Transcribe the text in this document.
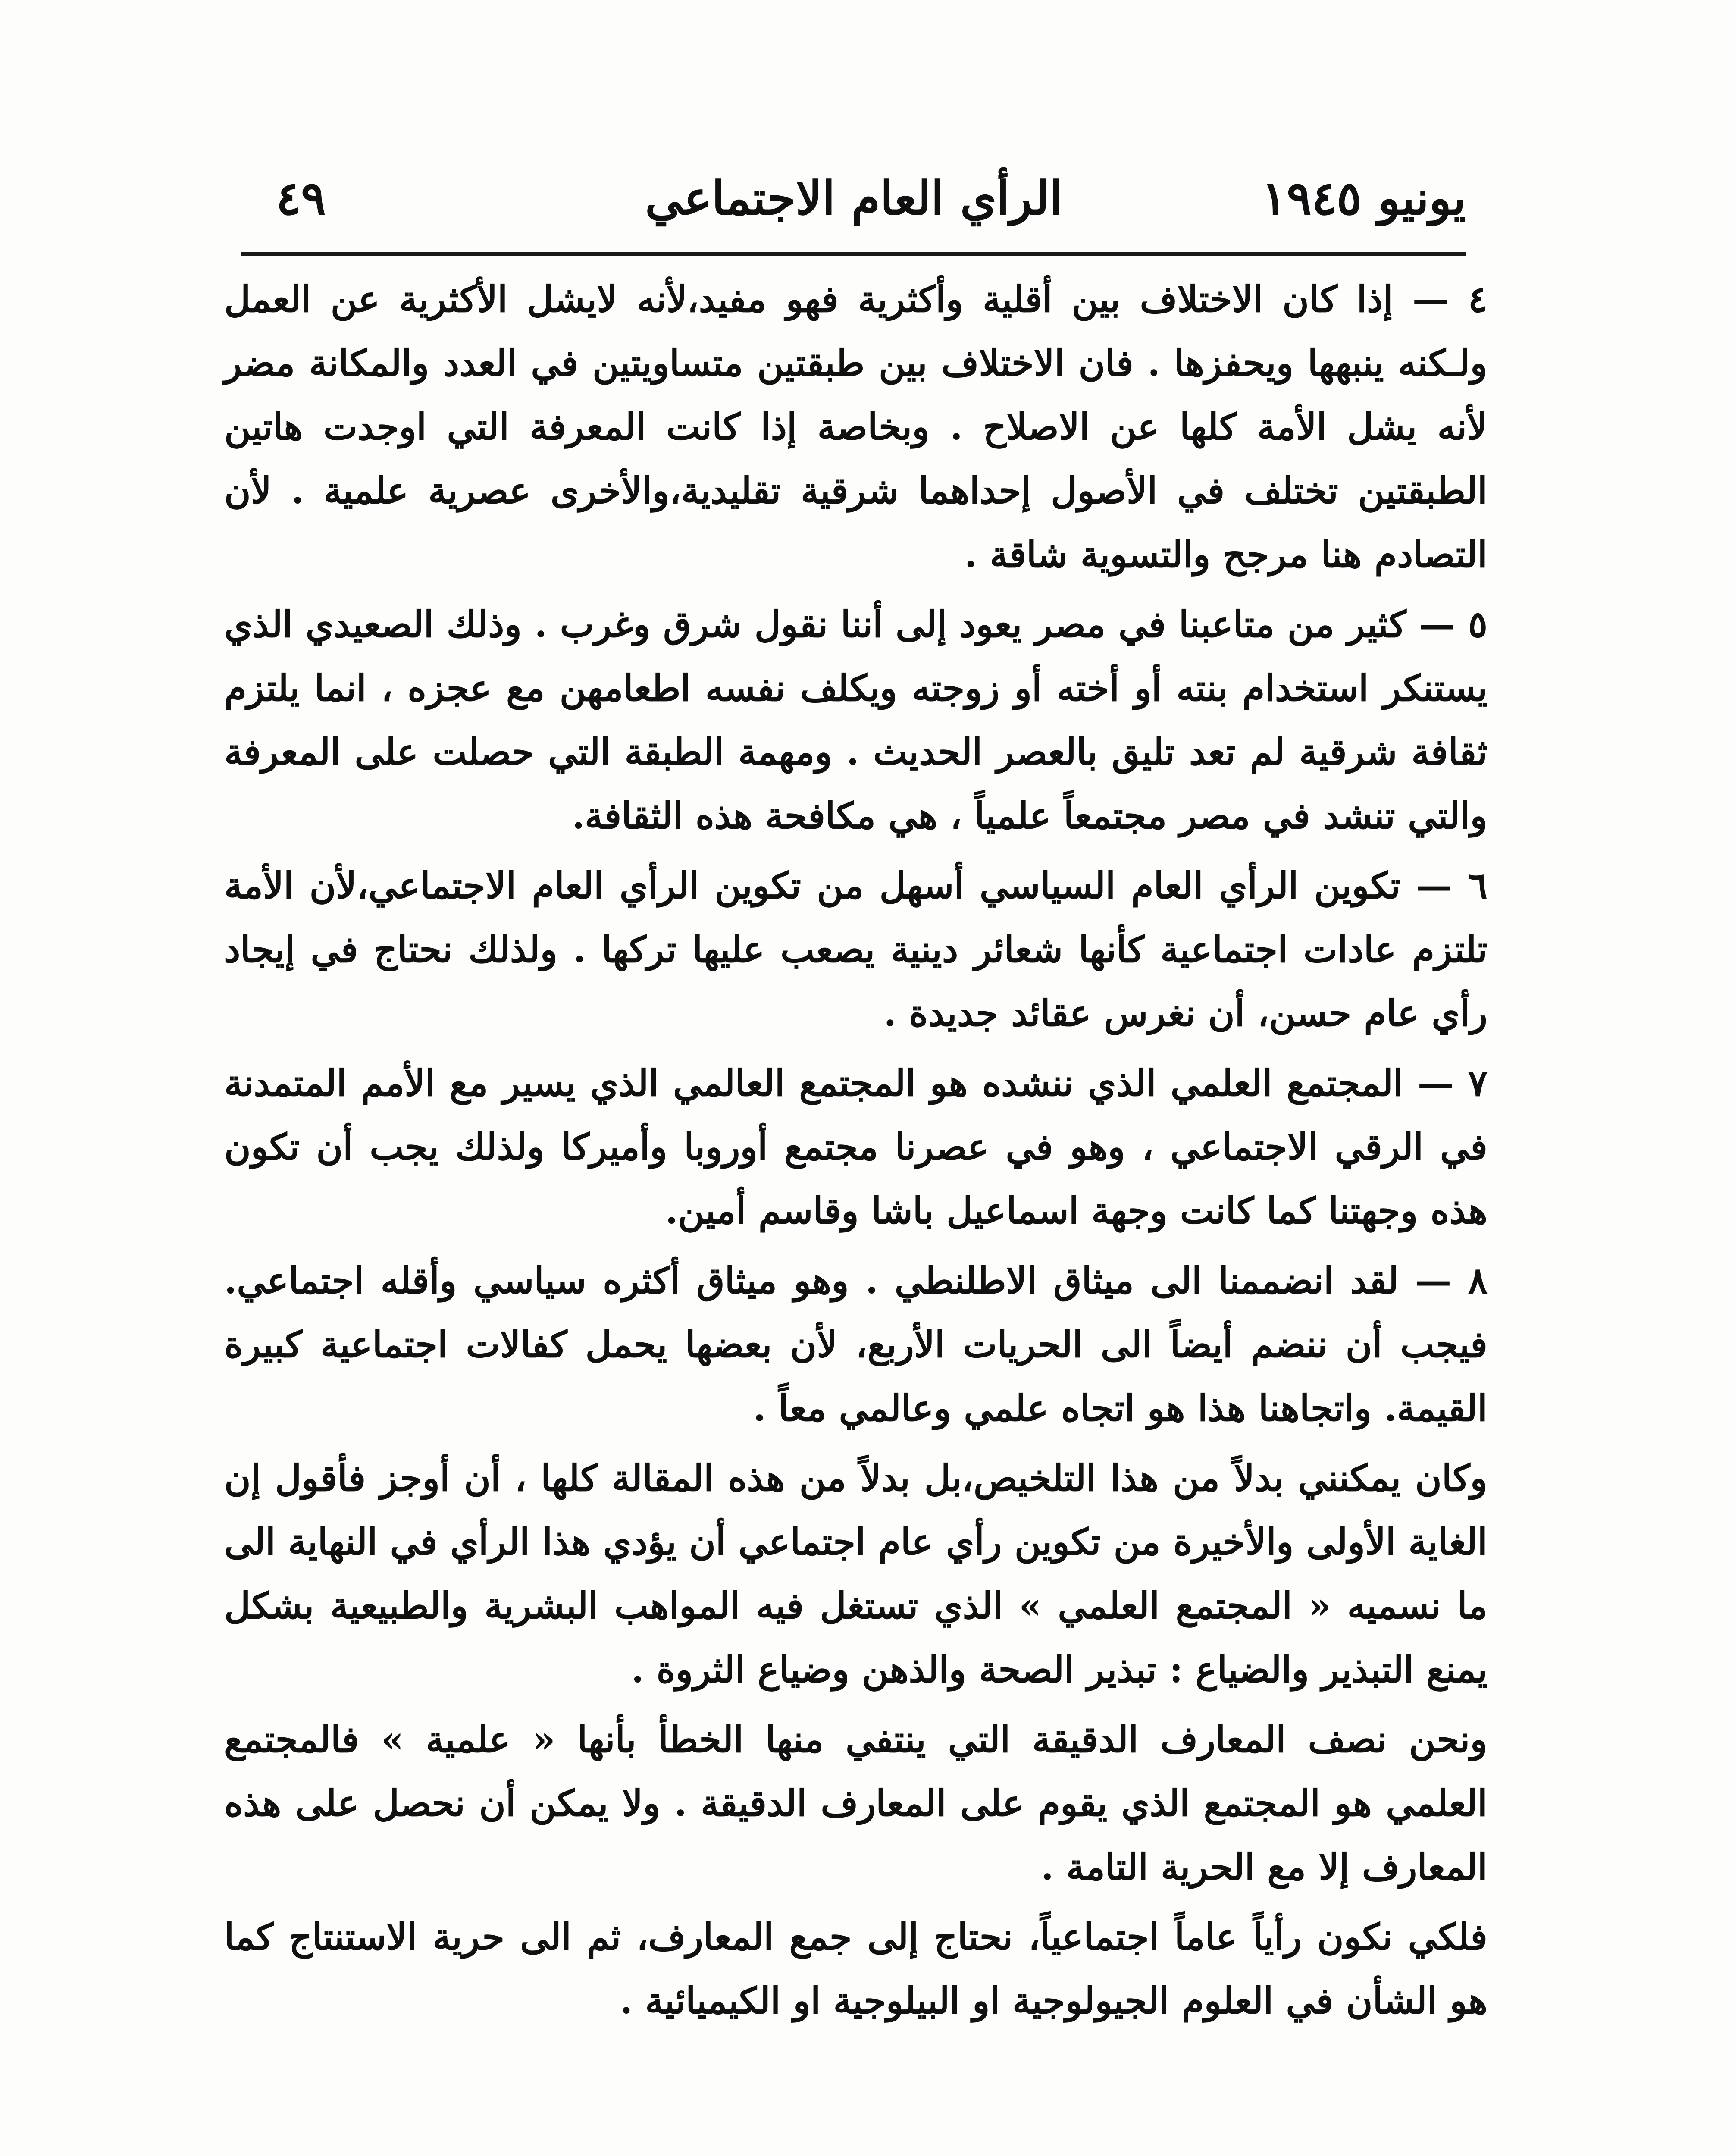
يونيو ١٩٤٥
الرأي العام الاجتماعي
٤٩

٤ — إذا كان الاختلاف بين أقلية وأكثرية فهو مفيد،لأنه لايشل الأكثرية عن العمل ولـكنه ينبهها ويحفزها . فان الاختلاف بين طبقتين متساويتين في العدد والمكانة مضر لأنه يشل الأمة كلها عن الاصلاح . وبخاصة إذا كانت المعرفة التي اوجدت هاتين الطبقتين تختلف في الأصول إحداهما شرقية تقليدية،والأخرى عصرية علمية . لأن التصادم هنا مرجح والتسوية شاقة .

٥ — كثير من متاعبنا في مصر يعود إلى أننا نقول شرق وغرب . وذلك الصعيدي الذي يستنكر استخدام بنته أو أخته أو زوجته ويكلف نفسه اطعامهن مع عجزه ، انما يلتزم ثقافة شرقية لم تعد تليق بالعصر الحديث . ومهمة الطبقة التي حصلت على المعرفة والتي تنشد في مصر مجتمعاً علمياً ، هي مكافحة هذه الثقافة.

٦ — تكوين الرأي العام السياسي أسهل من تكوين الرأي العام الاجتماعي،لأن الأمة تلتزم عادات اجتماعية كأنها شعائر دينية يصعب عليها تركها . ولذلك نحتاج في إيجاد رأي عام حسن، أن نغرس عقائد جديدة .

٧ — المجتمع العلمي الذي ننشده هو المجتمع العالمي الذي يسير مع الأمم المتمدنة في الرقي الاجتماعي ، وهو في عصرنا مجتمع أوروبا وأميركا ولذلك يجب أن تكون هذه وجهتنا كما كانت وجهة اسماعيل باشا وقاسم أمين.

٨ — لقد انضممنا الى ميثاق الاطلنطي . وهو ميثاق أكثره سياسي وأقله اجتماعي. فيجب أن ننضم أيضاً الى الحريات الأربع، لأن بعضها يحمل كفالات اجتماعية كبيرة القيمة. واتجاهنا هذا هو اتجاه علمي وعالمي معاً .

وكان يمكنني بدلاً من هذا التلخيص،بل بدلاً من هذه المقالة كلها ، أن أوجز فأقول إن الغاية الأولى والأخيرة من تكوين رأي عام اجتماعي أن يؤدي هذا الرأي في النهاية الى ما نسميه « المجتمع العلمي » الذي تستغل فيه المواهب البشرية والطبيعية بشكل يمنع التبذير والضياع : تبذير الصحة والذهن وضياع الثروة .

ونحن نصف المعارف الدقيقة التي ينتفي منها الخطأ بأنها « علمية » فالمجتمع العلمي هو المجتمع الذي يقوم على المعارف الدقيقة . ولا يمكن أن نحصل على هذه المعارف إلا مع الحرية التامة .

فلكي نكون رأياً عاماً اجتماعياً، نحتاج إلى جمع المعارف، ثم الى حرية الاستنتاج كما هو الشأن في العلوم الجيولوجية او البيلوجية او الكيميائية .
